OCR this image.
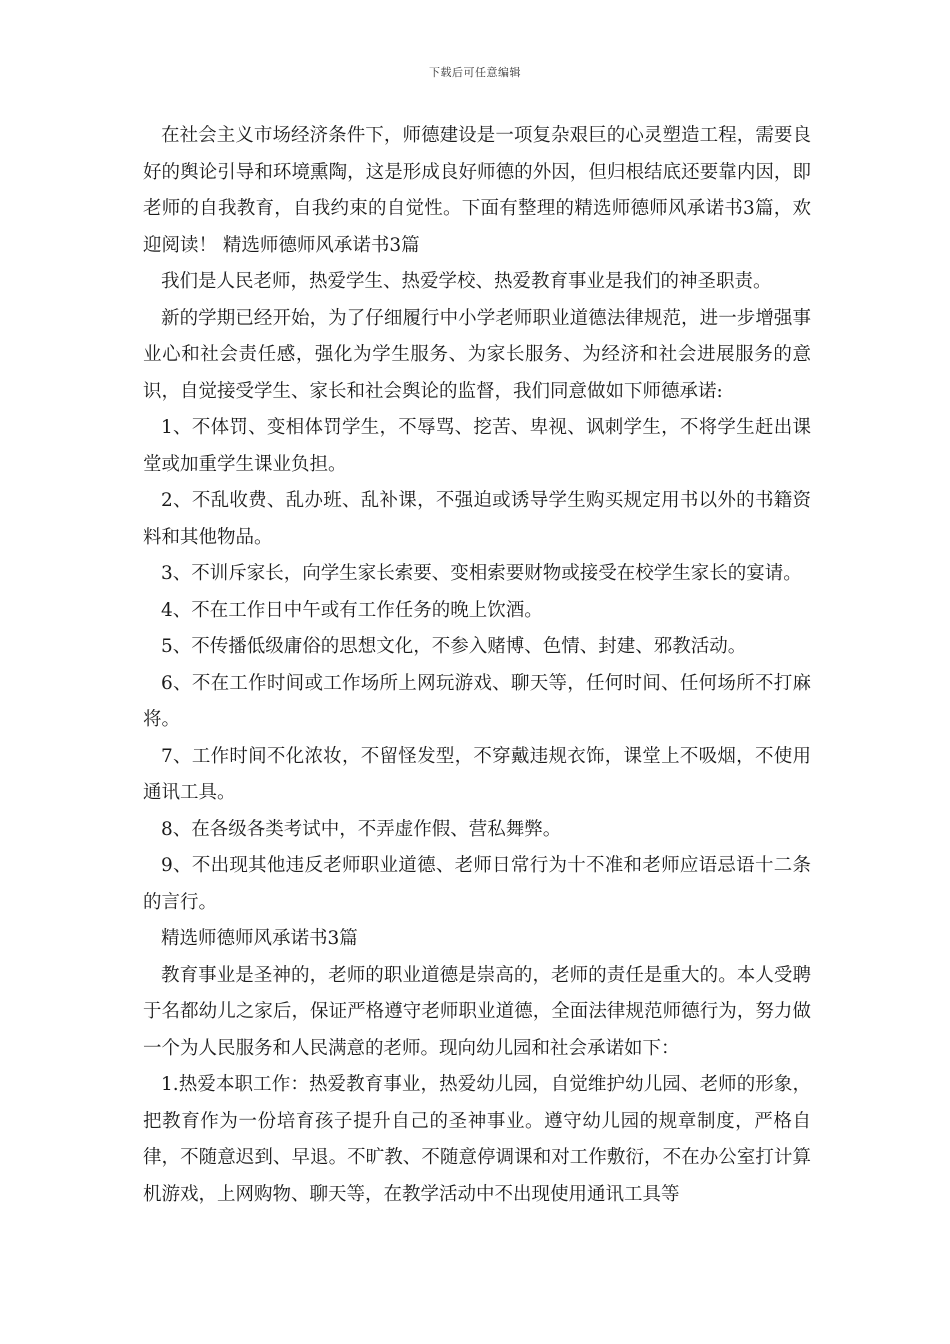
下载后可任意编辑

在社会主义市场经济条件下，师德建设是一项复杂艰巨的心灵塑造工程，需要良好的舆论引导和环境熏陶，这是形成良好师德的外因，但归根结底还要靠内因，即老师的自我教育，自我约束的自觉性。下面有整理的精选师德师风承诺书3篇，欢迎阅读！ 精选师德师风承诺书3篇

我们是人民老师，热爱学生、热爱学校、热爱教育事业是我们的神圣职责。

新的学期已经开始，为了仔细履行中小学老师职业道德法律规范，进一步增强事业心和社会责任感，强化为学生服务、为家长服务、为经济和社会进展服务的意识，自觉接受学生、家长和社会舆论的监督，我们同意做如下师德承诺:

1、不体罚、变相体罚学生，不辱骂、挖苦、卑视、讽刺学生，不将学生赶出课堂或加重学生课业负担。

2、不乱收费、乱办班、乱补课，不强迫或诱导学生购买规定用书以外的书籍资料和其他物品。

3、不训斥家长，向学生家长索要、变相索要财物或接受在校学生家长的宴请。

4、不在工作日中午或有工作任务的晚上饮酒。

5、不传播低级庸俗的思想文化，不参入赌博、色情、封建、邪教活动。

6、不在工作时间或工作场所上网玩游戏、聊天等，任何时间、任何场所不打麻将。

7、工作时间不化浓妆，不留怪发型，不穿戴违规衣饰，课堂上不吸烟，不使用通讯工具。

8、在各级各类考试中，不弄虚作假、营私舞弊。

9、不出现其他违反老师职业道德、老师日常行为十不准和老师应语忌语十二条的言行。

精选师德师风承诺书3篇

教育事业是圣神的，老师的职业道德是崇高的，老师的责任是重大的。本人受聘于名都幼儿之家后，保证严格遵守老师职业道德，全面法律规范师德行为，努力做一个为人民服务和人民满意的老师。现向幼儿园和社会承诺如下：

1.热爱本职工作：热爱教育事业，热爱幼儿园，自觉维护幼儿园、老师的形象，把教育作为一份培育孩子提升自己的圣神事业。遵守幼儿园的规章制度，严格自律，不随意迟到、早退。不旷教、不随意停调课和对工作敷衍，不在办公室打计算机游戏，上网购物、聊天等，在教学活动中不出现使用通讯工具等
